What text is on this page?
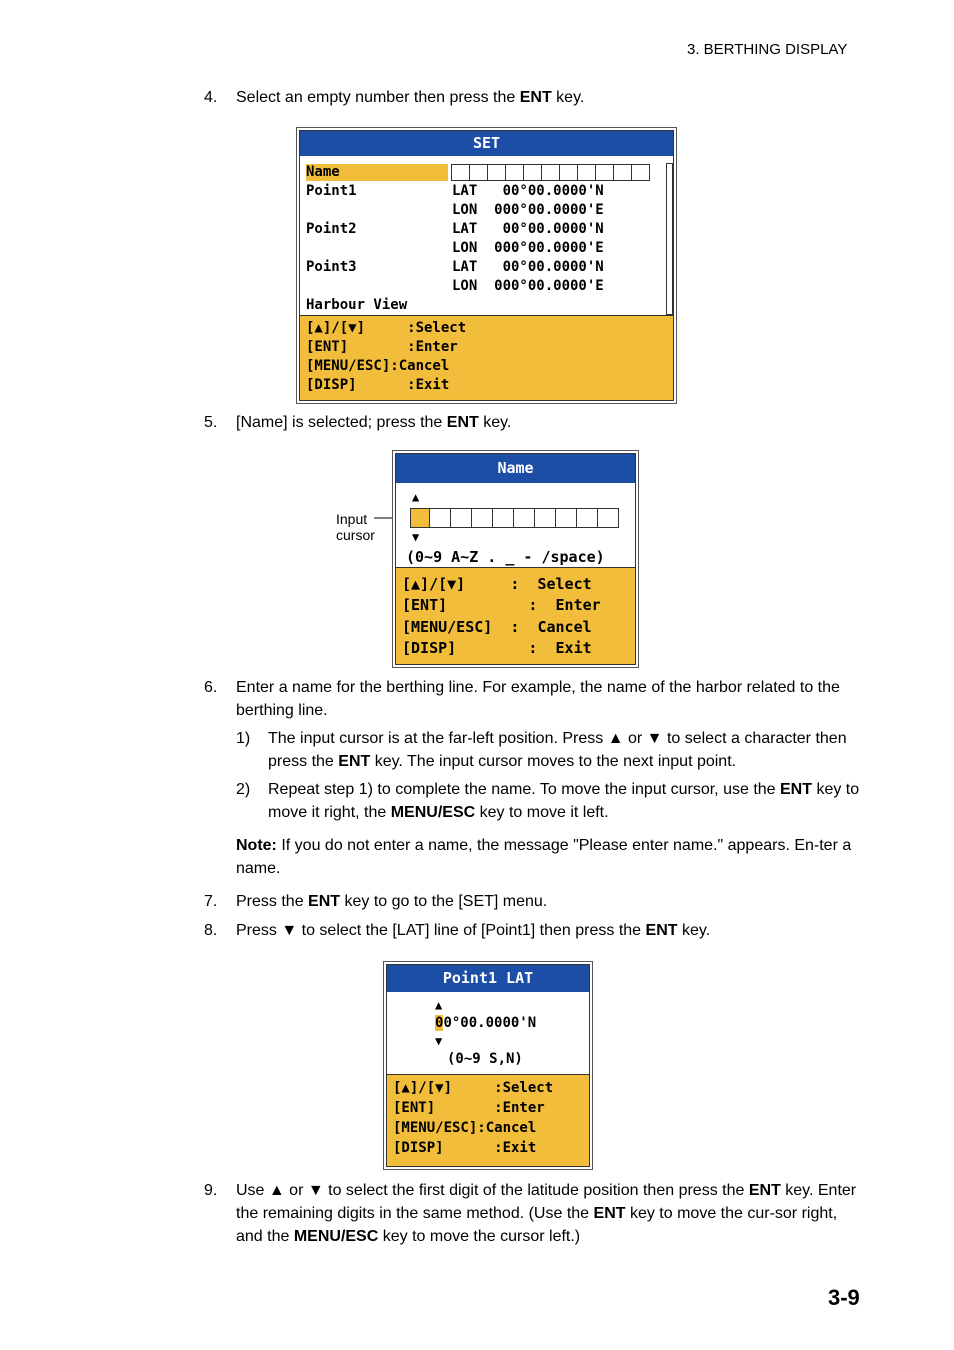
3. BERTHING DISPLAY
4.	Select an empty number then press the ENT key.
SET
Name
Point1	LAT   00°00.0000'N
LON  000°00.0000'E
Point2	LAT   00°00.0000'N
LON  000°00.0000'E
Point3	LAT   00°00.0000'N
LON  000°00.0000'E
Harbour View
[▲]/[▼]     :Select
[ENT]       :Enter
[MENU/ESC]:Cancel
[DISP]      :Exit
5.	[Name] is selected; press the ENT key.
Input
cursor
Name
▲
▼
(0~9 A~Z . _ - /space)
[▲]/[▼]     :  Select
[ENT]         :  Enter
[MENU/ESC]  :  Cancel
[DISP]        :  Exit
6.	Enter a name for the berthing line. For example, the name of the harbor related to the berthing line.
1) The input cursor is at the far-left position. Press ▲ or ▼ to select a character then press the ENT key. The input cursor moves to the next input point.
2) Repeat step 1) to complete the name. To move the input cursor, use the ENT key to move it right, the MENU/ESC key to move it left.
Note: If you do not enter a name, the message "Please enter name." appears. En-ter a name.
7.	Press the ENT key to go to the [SET] menu.
8.	Press ▼ to select the [LAT] line of [Point1] then press the ENT key.
Point1 LAT
▲
00°00.0000'N
▼
(0~9 S,N)
[▲]/[▼]     :Select
[ENT]       :Enter
[MENU/ESC]:Cancel
[DISP]      :Exit
9.	Use ▲ or ▼ to select the first digit of the latitude position then press the ENT key. Enter the remaining digits in the same method. (Use the ENT key to move the cur-sor right, and the MENU/ESC key to move the cursor left.)
3-9
